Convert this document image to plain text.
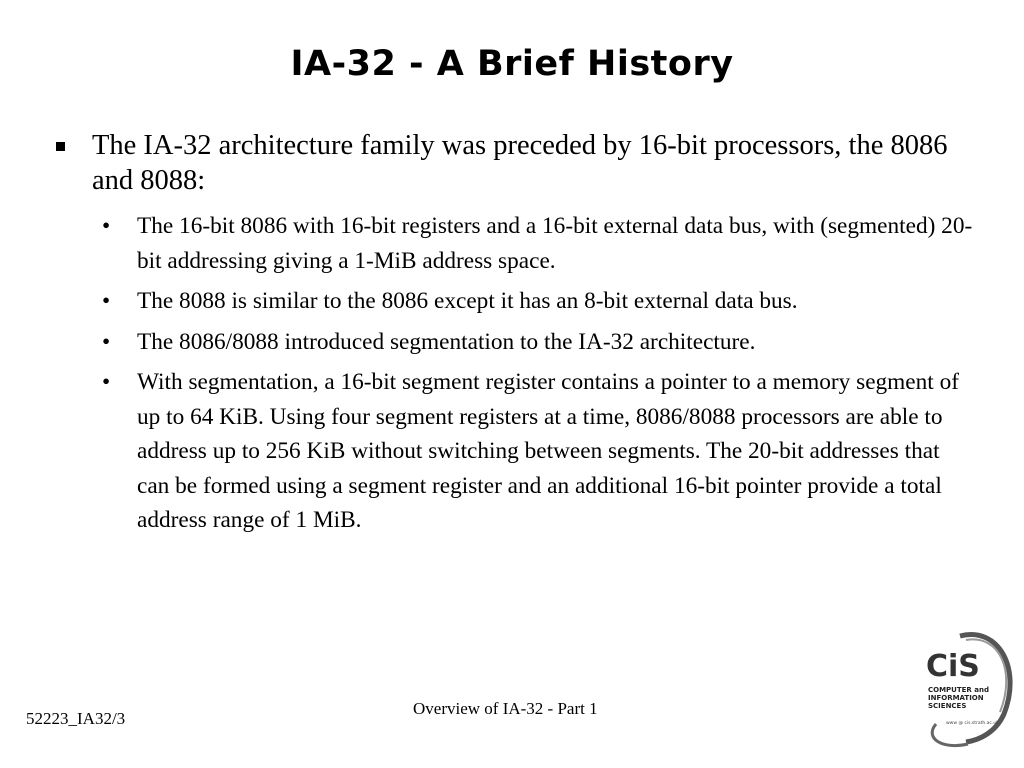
IA-32 - A Brief History
The IA-32 architecture family was preceded by 16-bit processors, the 8086 and 8088:
• The 16-bit 8086 with 16-bit registers and a 16-bit external data bus, with (segmented) 20-bit addressing giving a 1-MiB address space.
• The 8088 is similar to the 8086 except it has an 8-bit external data bus.
• The 8086/8088 introduced segmentation to the IA-32 architecture.
• With segmentation, a 16-bit segment register contains a pointer to a memory segment of up to 64 KiB. Using four segment registers at a time, 8086/8088 processors are able to address up to 256 KiB without switching between segments. The 20-bit addresses that can be formed using a segment register and an additional 16-bit pointer provide a total address range of 1 MiB.
52223_IA32/3
Overview of IA-32 - Part 1
CiS
COMPUTER and
INFORMATION
SCIENCES
www @ cis.strath.ac.uk
